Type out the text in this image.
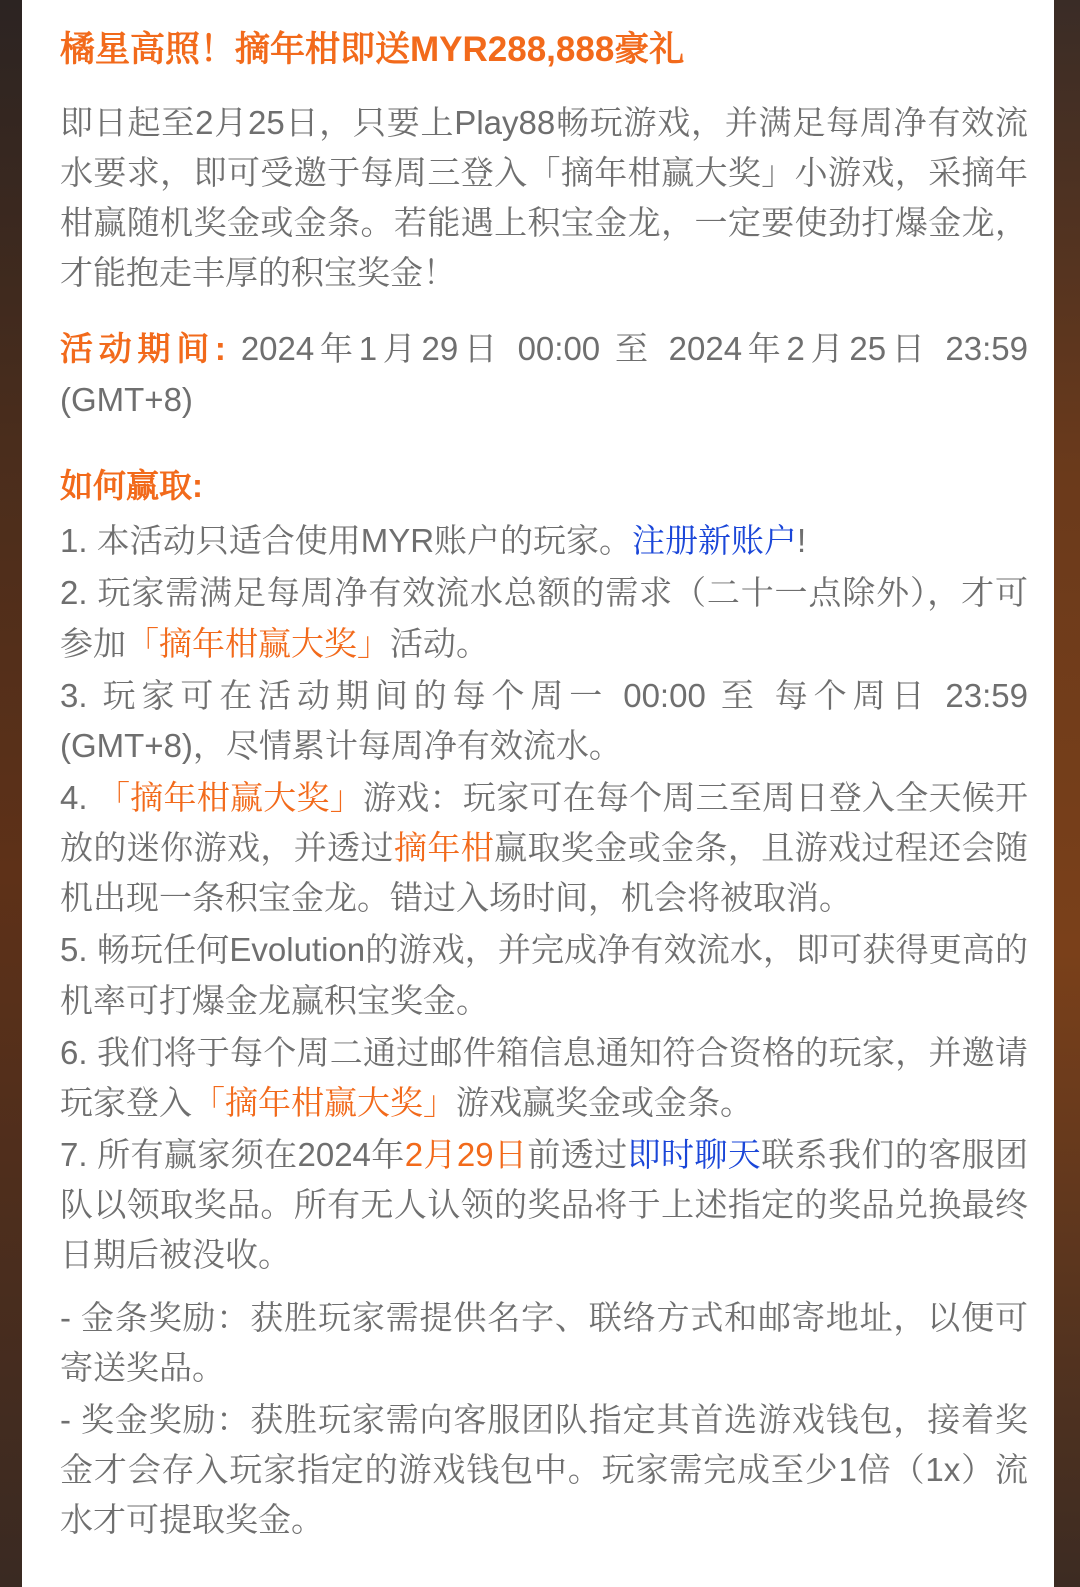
橘星高照！摘年柑即送MYR288,888豪礼

即日起至2月25日，只要上Play88畅玩游戏，并满足每周净有效流水要求，即可受邀于每周三登入「摘年柑赢大奖」小游戏，采摘年柑赢随机奖金或金条。若能遇上积宝金龙，一定要使劲打爆金龙，才能抱走丰厚的积宝奖金！

活动期间: 2024年1月29日 00:00 至 2024年2月25日 23:59 (GMT+8)

如何赢取:
1. 本活动只适合使用MYR账户的玩家。注册新账户!
2. 玩家需满足每周净有效流水总额的需求（二十一点除外），才可参加「摘年柑赢大奖」活动。
3. 玩家可在活动期间的每个周一 00:00 至 每个周日 23:59 (GMT+8)，尽情累计每周净有效流水。
4. 「摘年柑赢大奖」游戏：玩家可在每个周三至周日登入全天候开放的迷你游戏，并透过摘年柑赢取奖金或金条，且游戏过程还会随机出现一条积宝金龙。错过入场时间，机会将被取消。
5. 畅玩任何Evolution的游戏，并完成净有效流水，即可获得更高的机率可打爆金龙赢积宝奖金。
6. 我们将于每个周二通过邮件箱信息通知符合资格的玩家，并邀请玩家登入「摘年柑赢大奖」游戏赢奖金或金条。
7. 所有赢家须在2024年2月29日前透过即时聊天联系我们的客服团队以领取奖品。所有无人认领的奖品将于上述指定的奖品兑换最终日期后被没收。
- 金条奖励：获胜玩家需提供名字、联络方式和邮寄地址，以便可寄送奖品。
- 奖金奖励：获胜玩家需向客服团队指定其首选游戏钱包，接着奖金才会存入玩家指定的游戏钱包中。玩家需完成至少1倍（1x）流水才可提取奖金。
